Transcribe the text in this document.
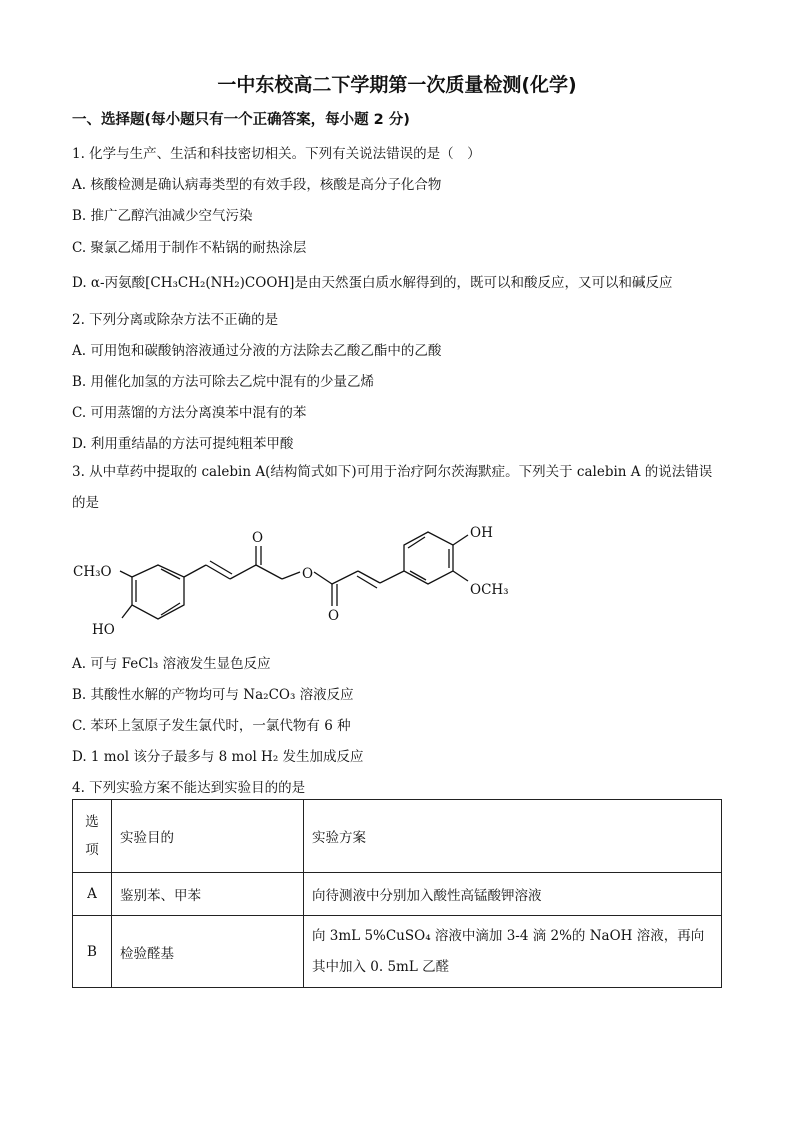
一中东校高二下学期第一次质量检测(化学)
一、选择题(每小题只有一个正确答案，每小题 2 分)
1. 化学与生产、生活和科技密切相关。下列有关说法错误的是（　）
A. 核酸检测是确认病毒类型的有效手段，核酸是高分子化合物
B. 推广乙醇汽油减少空气污染
C. 聚氯乙烯用于制作不粘锅的耐热涂层
D. α-丙氨酸[CH₃CH₂(NH₂)COOH]是由天然蛋白质水解得到的，既可以和酸反应，又可以和碱反应
2. 下列分离或除杂方法不正确的是
A. 可用饱和碳酸钠溶液通过分液的方法除去乙酸乙酯中的乙酸
B. 用催化加氢的方法可除去乙烷中混有的少量乙烯
C. 可用蒸馏的方法分离溴苯中混有的苯
D. 利用重结晶的方法可提纯粗苯甲酸
3. 从中草药中提取的 calebin A(结构简式如下)可用于治疗阿尔茨海默症。下列关于 calebin A 的说法错误的是
CH₃O
HO
O
O
O
OH
OCH₃
A. 可与 FeCl₃ 溶液发生显色反应
B. 其酸性水解的产物均可与 Na₂CO₃ 溶液反应
C. 苯环上氢原子发生氯代时，一氯代物有 6 种
D. 1 mol 该分子最多与 8 mol H₂ 发生加成反应
4. 下列实验方案不能达到实验目的的是
选项	实验目的	实验方案
A	鉴别苯、甲苯	向待测液中分别加入酸性高锰酸钾溶液
B	检验醛基	向 3mL 5%CuSO₄ 溶液中滴加 3-4 滴 2%的 NaOH 溶液，再向其中加入 0. 5mL 乙醛
